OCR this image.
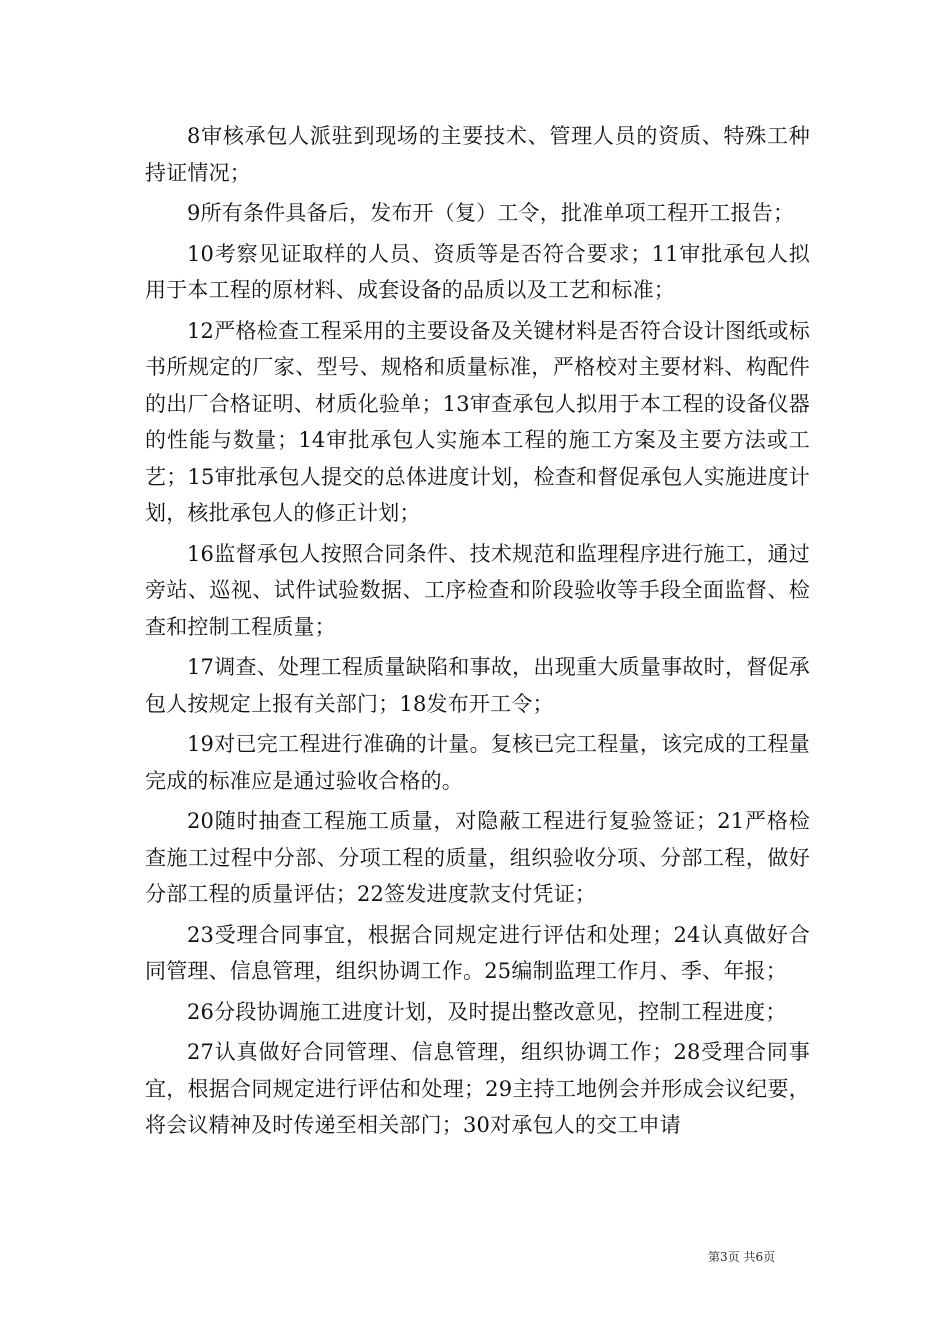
8审核承包人派驻到现场的主要技术、管理人员的资质、特殊工种持证情况；

9所有条件具备后，发布开（复）工令，批准单项工程开工报告；

10考察见证取样的人员、资质等是否符合要求；11审批承包人拟用于本工程的原材料、成套设备的品质以及工艺和标准；

12严格检查工程采用的主要设备及关键材料是否符合设计图纸或标书所规定的厂家、型号、规格和质量标准，严格校对主要材料、构配件的出厂合格证明、材质化验单；13审查承包人拟用于本工程的设备仪器的性能与数量；14审批承包人实施本工程的施工方案及主要方法或工艺；15审批承包人提交的总体进度计划，检查和督促承包人实施进度计划，核批承包人的修正计划；

16监督承包人按照合同条件、技术规范和监理程序进行施工，通过旁站、巡视、试件试验数据、工序检查和阶段验收等手段全面监督、检查和控制工程质量；

17调查、处理工程质量缺陷和事故，出现重大质量事故时，督促承包人按规定上报有关部门；18发布开工令；

19对已完工程进行准确的计量。复核已完工程量，该完成的工程量完成的标准应是通过验收合格的。

20随时抽查工程施工质量，对隐蔽工程进行复验签证；21严格检查施工过程中分部、分项工程的质量，组织验收分项、分部工程，做好分部工程的质量评估；22签发进度款支付凭证；

23受理合同事宜，根据合同规定进行评估和处理；24认真做好合同管理、信息管理，组织协调工作。25编制监理工作月、季、年报；

26分段协调施工进度计划，及时提出整改意见，控制工程进度；

27认真做好合同管理、信息管理，组织协调工作；28受理合同事宜，根据合同规定进行评估和处理；29主持工地例会并形成会议纪要，将会议精神及时传递至相关部门；30对承包人的交工申请

第3页 共6页
